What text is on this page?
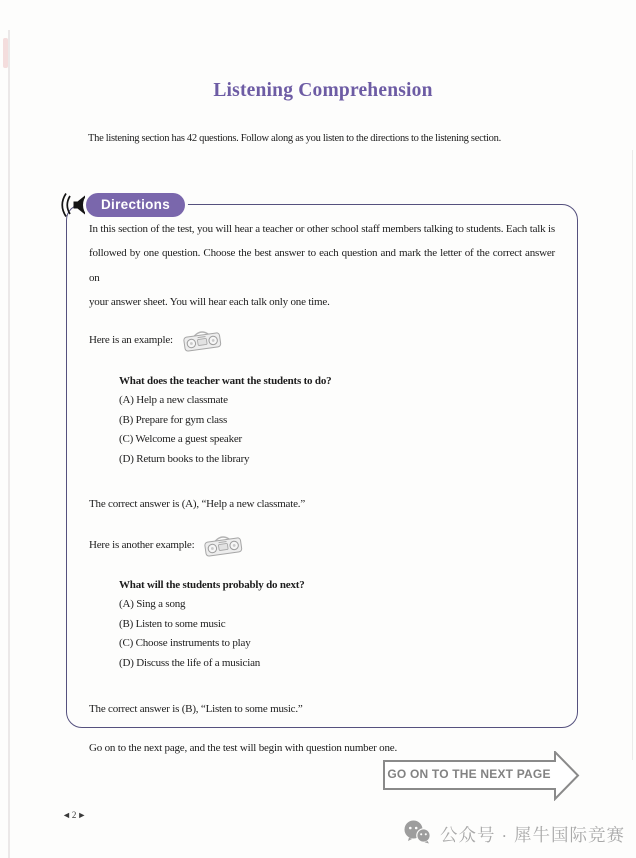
Listening Comprehension
The listening section has 42 questions. Follow along as you listen to the directions to the listening section.
Directions
In this section of the test, you will hear a teacher or other school staff members talking to students. Each talk is
followed by one question. Choose the best answer to each question and mark the letter of the correct answer on
your answer sheet. You will hear each talk only one time.
Here is an example:
What does the teacher want the students to do?
(A) Help a new classmate
(B) Prepare for gym class
(C) Welcome a guest speaker
(D) Return books to the library
The correct answer is (A), “Help a new classmate.”
Here is another example:
What will the students probably do next?
(A) Sing a song
(B) Listen to some music
(C) Choose instruments to play
(D) Discuss the life of a musician
The correct answer is (B), “Listen to some music.”
Go on to the next page, and the test will begin with question number one.
GO ON TO THE NEXT PAGE
◄2►
公众号 · 犀牛国际竞赛
